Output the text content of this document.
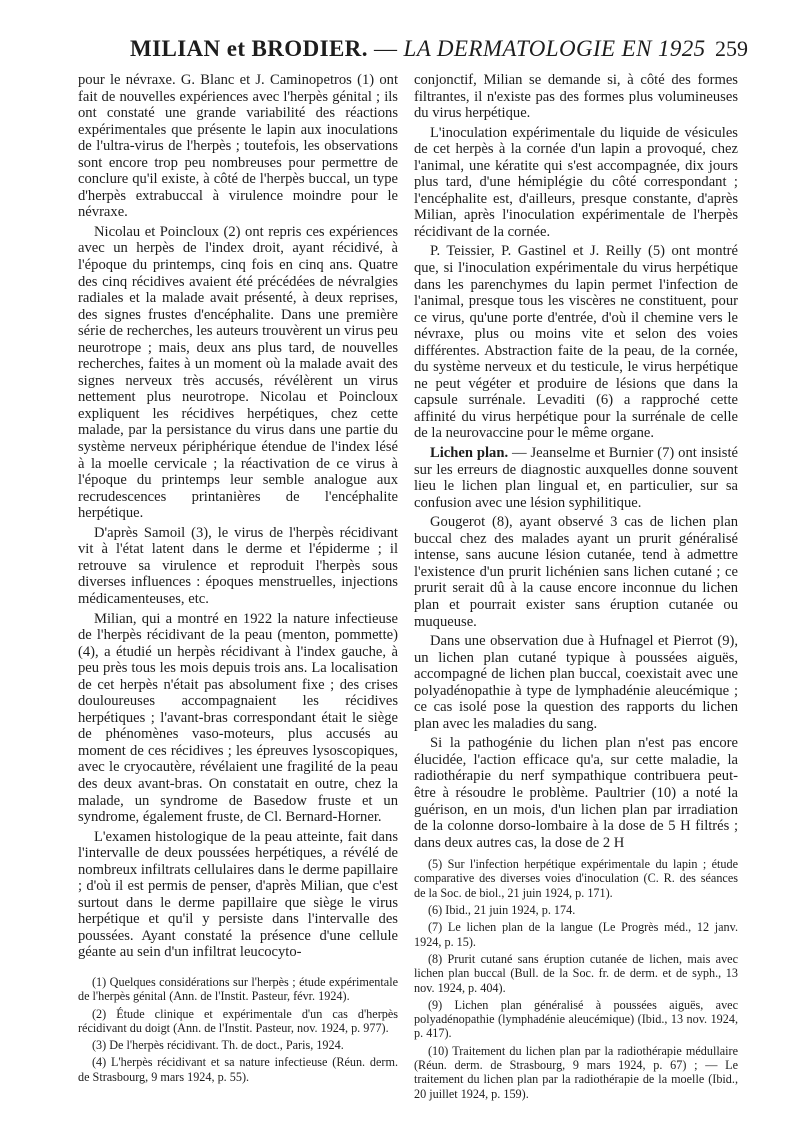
MILIAN et BRODIER. — LA DERMATOLOGIE EN 1925 259

pour le névraxe. G. Blanc et J. Caminopetros (1) ont fait de nouvelles expériences avec l'herpès génital ; ils ont constaté une grande variabilité des réactions expérimentales que présente le lapin aux inoculations de l'ultra-virus de l'herpès ; toutefois, les observations sont encore trop peu nombreuses pour permettre de conclure qu'il existe, à côté de l'herpès buccal, un type d'herpès extrabuccal à virulence moindre pour le névraxe.

Nicolau et Poincloux (2) ont repris ces expériences avec un herpès de l'index droit, ayant récidivé, à l'époque du printemps, cinq fois en cinq ans. Quatre des cinq récidives avaient été précédées de névralgies radiales et la malade avait présenté, à deux reprises, des signes frustes d'encéphalite. Dans une première série de recherches, les auteurs trouvèrent un virus peu neurotrope ; mais, deux ans plus tard, de nouvelles recherches, faites à un moment où la malade avait des signes nerveux très accusés, révélèrent un virus nettement plus neurotrope. Nicolau et Poincloux expliquent les récidives herpétiques, chez cette malade, par la persistance du virus dans une partie du système nerveux périphérique étendue de l'index lésé à la moelle cervicale ; la réactivation de ce virus à l'époque du printemps leur semble analogue aux recrudescences printanières de l'encéphalite herpétique.

D'après Samoil (3), le virus de l'herpès récidivant vit à l'état latent dans le derme et l'épiderme ; il retrouve sa virulence et reproduit l'herpès sous diverses influences : époques menstruelles, injections médicamenteuses, etc.

Milian, qui a montré en 1922 la nature infectieuse de l'herpès récidivant de la peau (menton, pommette) (4), a étudié un herpès récidivant à l'index gauche, à peu près tous les mois depuis trois ans. La localisation de cet herpès n'était pas absolument fixe ; des crises douloureuses accompagnaient les récidives herpétiques ; l'avant-bras correspondant était le siège de phénomènes vaso-moteurs, plus accusés au moment de ces récidives ; les épreuves lysoscopiques, avec le cryocautère, révélaient une fragilité de la peau des deux avant-bras. On constatait en outre, chez la malade, un syndrome de Basedow fruste et un syndrome, également fruste, de Cl. Bernard-Horner.

L'examen histologique de la peau atteinte, fait dans l'intervalle de deux poussées herpétiques, a révélé de nombreux infiltrats cellulaires dans le derme papillaire ; d'où il est permis de penser, d'après Milian, que c'est surtout dans le derme papillaire que siège le virus herpétique et qu'il y persiste dans l'intervalle des poussées. Ayant constaté la présence d'une cellule géante au sein d'un infiltrat leucocyto-

(1) Quelques considérations sur l'herpès ; étude expérimentale de l'herpès génital (Ann. de l'Instit. Pasteur, févr. 1924).

(2) Étude clinique et expérimentale d'un cas d'herpès récidivant du doigt (Ann. de l'Instit. Pasteur, nov. 1924, p. 977).

(3) De l'herpès récidivant. Th. de doct., Paris, 1924.

(4) L'herpès récidivant et sa nature infectieuse (Réun. derm. de Strasbourg, 9 mars 1924, p. 55).

conjonctif, Milian se demande si, à côté des formes filtrantes, il n'existe pas des formes plus volumineuses du virus herpétique.

L'inoculation expérimentale du liquide de vésicules de cet herpès à la cornée d'un lapin a provoqué, chez l'animal, une kératite qui s'est accompagnée, dix jours plus tard, d'une hémiplégie du côté correspondant ; l'encéphalite est, d'ailleurs, presque constante, d'après Milian, après l'inoculation expérimentale de l'herpès récidivant de la cornée.

P. Teissier, P. Gastinel et J. Reilly (5) ont montré que, si l'inoculation expérimentale du virus herpétique dans les parenchymes du lapin permet l'infection de l'animal, presque tous les viscères ne constituent, pour ce virus, qu'une porte d'entrée, d'où il chemine vers le névraxe, plus ou moins vite et selon des voies différentes. Abstraction faite de la peau, de la cornée, du système nerveux et du testicule, le virus herpétique ne peut végéter et produire de lésions que dans la capsule surrénale. Levaditi (6) a rapproché cette affinité du virus herpétique pour la surrénale de celle de la neurovaccine pour le même organe.

Lichen plan. — Jeanselme et Burnier (7) ont insisté sur les erreurs de diagnostic auxquelles donne souvent lieu le lichen plan lingual et, en particulier, sur sa confusion avec une lésion syphilitique.

Gougerot (8), ayant observé 3 cas de lichen plan buccal chez des malades ayant un prurit généralisé intense, sans aucune lésion cutanée, tend à admettre l'existence d'un prurit lichénien sans lichen cutané ; ce prurit serait dû à la cause encore inconnue du lichen plan et pourrait exister sans éruption cutanée ou muqueuse.

Dans une observation due à Hufnagel et Pierrot (9), un lichen plan cutané typique à poussées aiguës, accompagné de lichen plan buccal, coexistait avec une polyadénopathie à type de lymphadénie aleucémique ; ce cas isolé pose la question des rapports du lichen plan avec les maladies du sang.

Si la pathogénie du lichen plan n'est pas encore élucidée, l'action efficace qu'a, sur cette maladie, la radiothérapie du nerf sympathique contribuera peut-être à résoudre le problème. Paultrier (10) a noté la guérison, en un mois, d'un lichen plan par irradiation de la colonne dorso-lombaire à la dose de 5 H filtrés ; dans deux autres cas, la dose de 2 H

(5) Sur l'infection herpétique expérimentale du lapin ; étude comparative des diverses voies d'inoculation (C. R. des séances de la Soc. de biol., 21 juin 1924, p. 171).

(6) Ibid., 21 juin 1924, p. 174.

(7) Le lichen plan de la langue (Le Progrès méd., 12 janv. 1924, p. 15).

(8) Prurit cutané sans éruption cutanée de lichen, mais avec lichen plan buccal (Bull. de la Soc. fr. de derm. et de syph., 13 nov. 1924, p. 404).

(9) Lichen plan généralisé à poussées aiguës, avec polyadénopathie (lymphadénie aleucémique) (Ibid., 13 nov. 1924, p. 417).

(10) Traitement du lichen plan par la radiothérapie médullaire (Réun. derm. de Strasbourg, 9 mars 1924, p. 67) ; — Le traitement du lichen plan par la radiothérapie de la moelle (Ibid., 20 juillet 1924, p. 159).
